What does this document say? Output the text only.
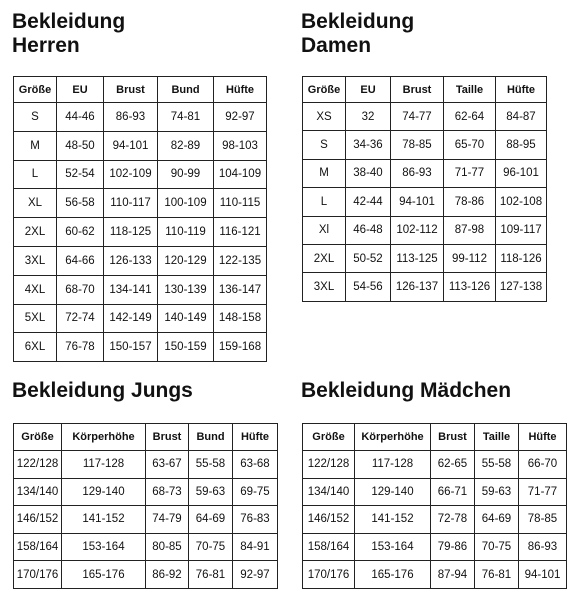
Bekleidung

Herren

Größe	EU	Brust	Bund	Hüfte
S	44-46	86-93	74-81	92-97
M	48-50	94-101	82-89	98-103
L	52-54	102-109	90-99	104-109
XL	56-58	110-117	100-109	110-115
2XL	60-62	118-125	110-119	116-121
3XL	64-66	126-133	120-129	122-135
4XL	68-70	134-141	130-139	136-147
5XL	72-74	142-149	140-149	148-158
6XL	76-78	150-157	150-159	159-168

Bekleidung

Damen

Größe	EU	Brust	Taille	Hüfte
XS	32	74-77	62-64	84-87
S	34-36	78-85	65-70	88-95
M	38-40	86-93	71-77	96-101
L	42-44	94-101	78-86	102-108
Xl	46-48	102-112	87-98	109-117
2XL	50-52	113-125	99-112	118-126
3XL	54-56	126-137	113-126	127-138

Bekleidung Jungs

Größe	Körperhöhe	Brust	Bund	Hüfte
122/128	117-128	63-67	55-58	63-68
134/140	129-140	68-73	59-63	69-75
146/152	141-152	74-79	64-69	76-83
158/164	153-164	80-85	70-75	84-91
170/176	165-176	86-92	76-81	92-97

Bekleidung Mädchen

Größe	Körperhöhe	Brust	Taille	Hüfte
122/128	117-128	62-65	55-58	66-70
134/140	129-140	66-71	59-63	71-77
146/152	141-152	72-78	64-69	78-85
158/164	153-164	79-86	70-75	86-93
170/176	165-176	87-94	76-81	94-101
